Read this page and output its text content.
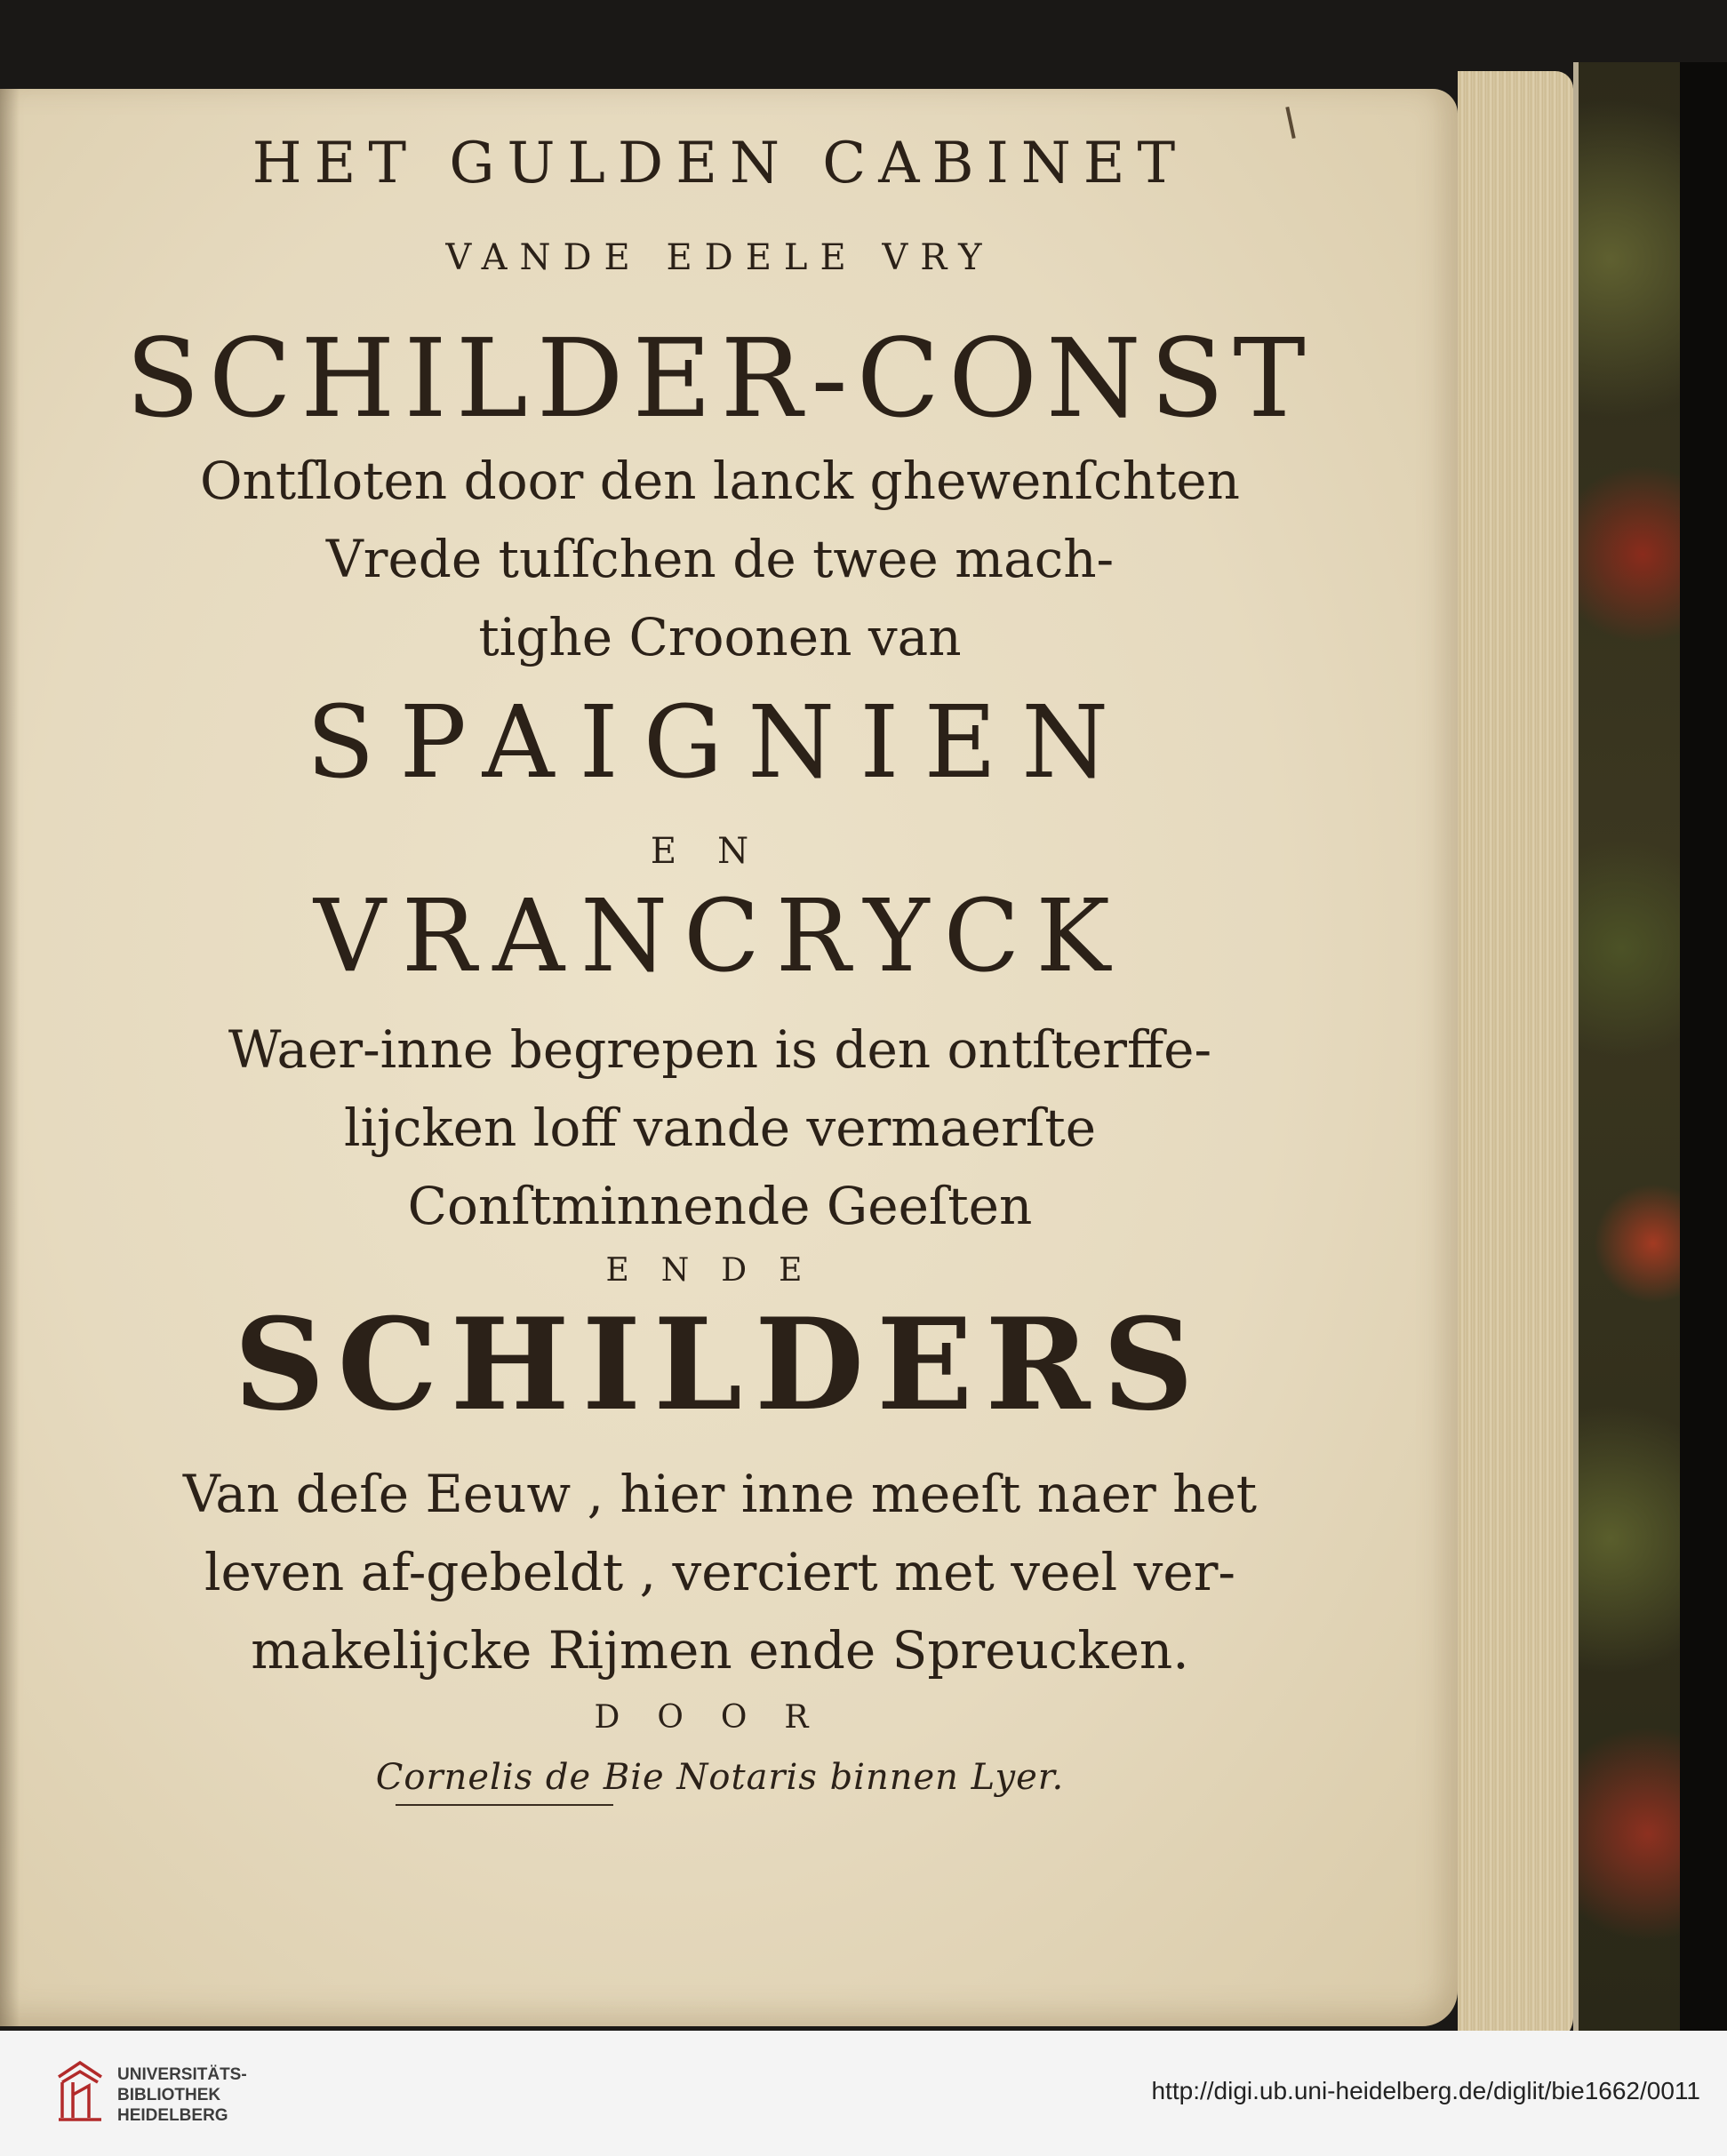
HET GULDEN CABINET
VANDE EDELE VRY
SCHILDER-CONST
Ontſloten door den lanck ghewenſchten
Vrede tuſſchen de twee mach-
tighe Croonen van
SPAIGNIEN
EN
VRANCRYCK
Waer-inne begrepen is den ontſterffe-
lijcken loff vande vermaerſte
Conſtminnende Geeſten
ENDE
SCHILDERS
Van deſe Eeuw , hier inne meeſt naer het
leven af-gebeldt , verciert met veel ver-
makelijcke Rijmen ende Spreucken.
DOOR
Cornelis de Bie Notaris binnen Lyer.
UNIVERSITÄTS-
BIBLIOTHEK
HEIDELBERG
http://digi.ub.uni-heidelberg.de/diglit/bie1662/0011
